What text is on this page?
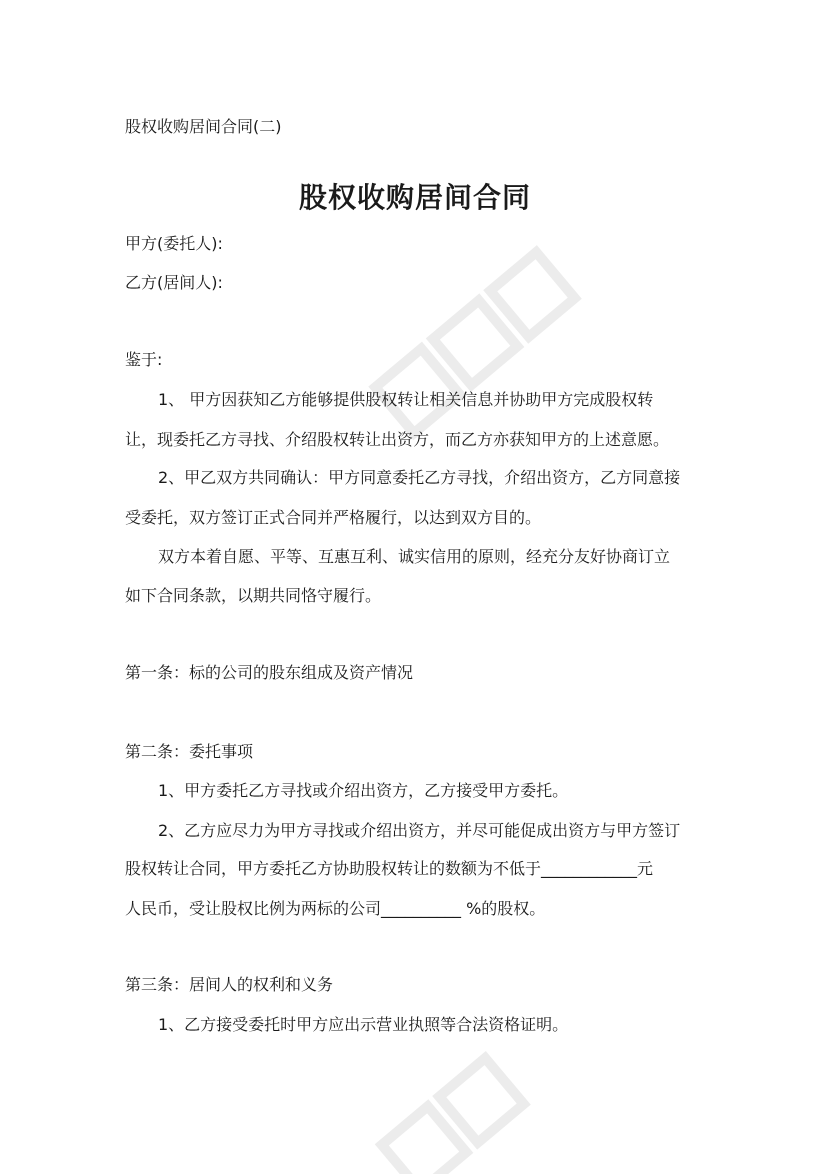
股权收购居间合同(二)
股权收购居间合同
甲方(委托人):
乙方(居间人):
鉴于:
1、 甲方因获知乙方能够提供股权转让相关信息并协助甲方完成股权转
让，现委托乙方寻找、介绍股权转让出资方，而乙方亦获知甲方的上述意愿。
2、甲乙双方共同确认：甲方同意委托乙方寻找，介绍出资方，乙方同意接
受委托，双方签订正式合同并严格履行，以达到双方目的。
双方本着自愿、平等、互惠互利、诚实信用的原则，经充分友好协商订立
如下合同条款，以期共同恪守履行。
第一条：标的公司的股东组成及资产情况
第二条：委托事项
1、甲方委托乙方寻找或介绍出资方，乙方接受甲方委托。
2、乙方应尽力为甲方寻找或介绍出资方，并尽可能促成出资方与甲方签订
股权转让合同，甲方委托乙方协助股权转让的数额为不低于____________元
人民币，受让股权比例为两标的公司__________ %的股权。
第三条：居间人的权利和义务
1、乙方接受委托时甲方应出示营业执照等合法资格证明。
